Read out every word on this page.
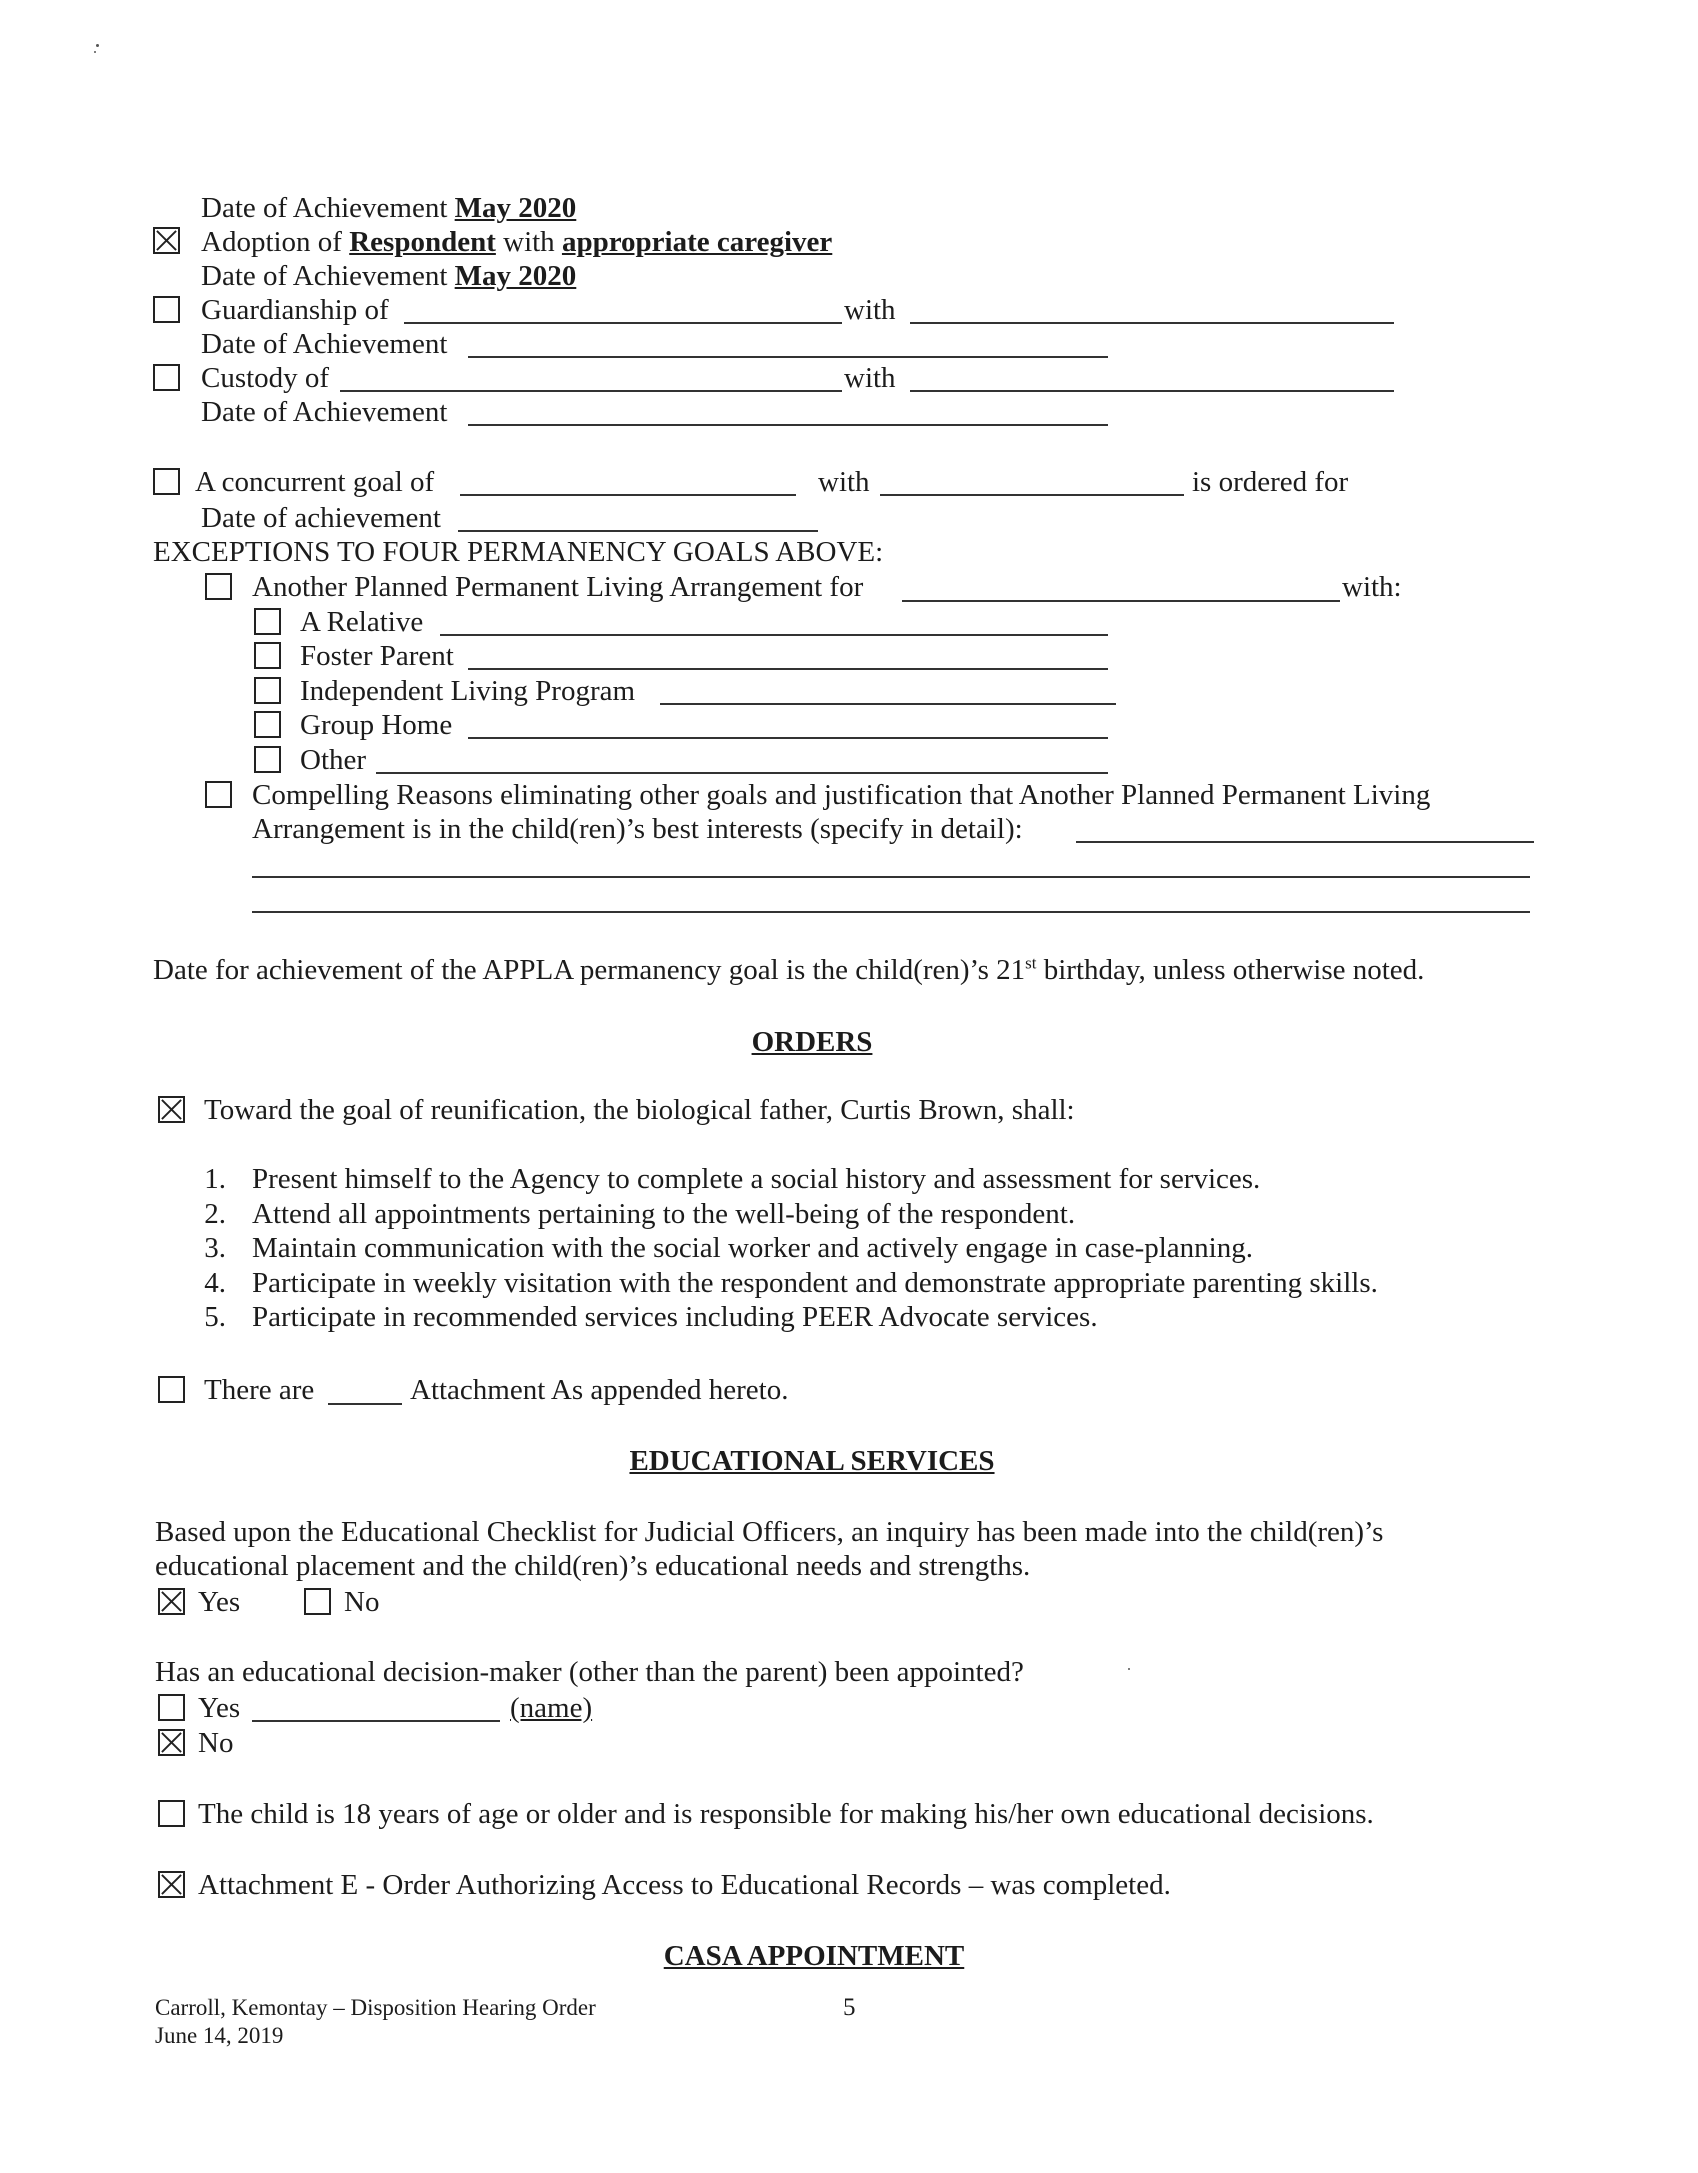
Date of Achievement May 2020
Adoption of Respondent with appropriate caregiver
Date of Achievement May 2020
Guardianship of	with
Date of Achievement
Custody of	with
Date of Achievement
A concurrent goal of	with	is ordered for
Date of achievement
EXCEPTIONS TO FOUR PERMANENCY GOALS ABOVE:
Another Planned Permanent Living Arrangement for	with:
A Relative
Foster Parent
Independent Living Program
Group Home
Other
Compelling Reasons eliminating other goals and justification that Another Planned Permanent Living
Arrangement is in the child(ren)’s best interests (specify in detail):
Date for achievement of the APPLA permanency goal is the child(ren)’s 21st birthday, unless otherwise noted.
ORDERS
Toward the goal of reunification, the biological father, Curtis Brown, shall:
1. Present himself to the Agency to complete a social history and assessment for services.
2. Attend all appointments pertaining to the well-being of the respondent.
3. Maintain communication with the social worker and actively engage in case-planning.
4. Participate in weekly visitation with the respondent and demonstrate appropriate parenting skills.
5. Participate in recommended services including PEER Advocate services.
There are	Attachment As appended hereto.
EDUCATIONAL SERVICES
Based upon the Educational Checklist for Judicial Officers, an inquiry has been made into the child(ren)’s
educational placement and the child(ren)’s educational needs and strengths.
Yes	No
Has an educational decision-maker (other than the parent) been appointed?
Yes	(name)
No
The child is 18 years of age or older and is responsible for making his/her own educational decisions.
Attachment E - Order Authorizing Access to Educational Records – was completed.
CASA APPOINTMENT
Carroll, Kemontay – Disposition Hearing Order
June 14, 2019
5
